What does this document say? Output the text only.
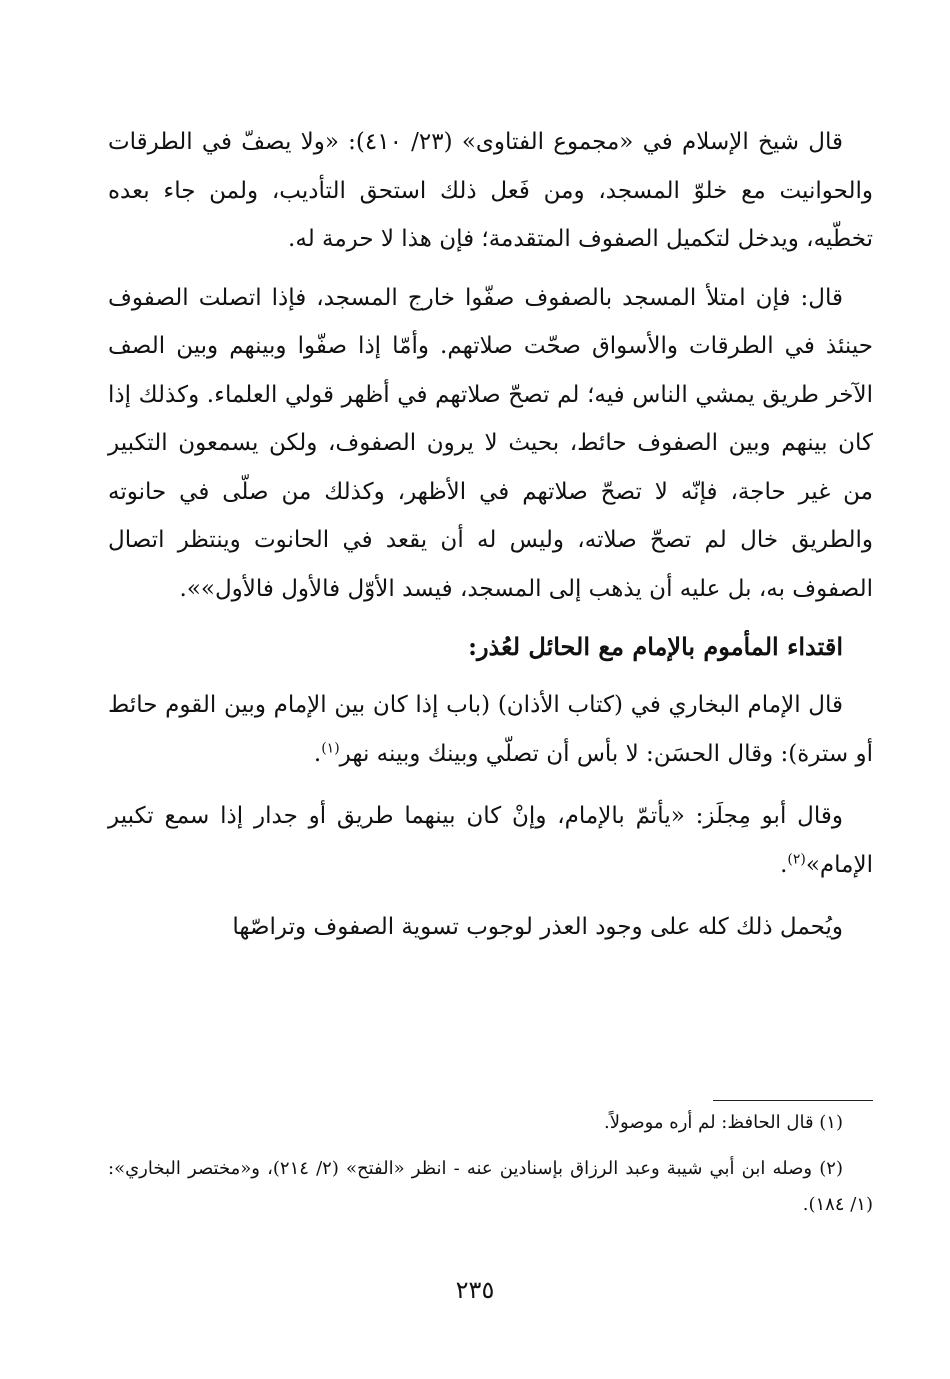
قال شيخ الإسلام في «مجموع الفتاوى» (٢٣/ ٤١٠): «ولا يصفّ في الطرقات والحوانيت مع خلوّ المسجد، ومن فَعل ذلك استحق التأديب، ولمن جاء بعده تخطّيه، ويدخل لتكميل الصفوف المتقدمة؛ فإن هذا لا حرمة له.

قال: فإن امتلأ المسجد بالصفوف صفّوا خارج المسجد، فإذا اتصلت الصفوف حينئذ في الطرقات والأسواق صحّت صلاتهم. وأمّا إذا صفّوا وبينهم وبين الصف الآخر طريق يمشي الناس فيه؛ لم تصحّ صلاتهم في أظهر قولي العلماء. وكذلك إذا كان بينهم وبين الصفوف حائط، بحيث لا يرون الصفوف، ولكن يسمعون التكبير من غير حاجة، فإنّه لا تصحّ صلاتهم في الأظهر، وكذلك من صلّى في حانوته والطريق خال لم تصحّ صلاته، وليس له أن يقعد في الحانوت وينتظر اتصال الصفوف به، بل عليه أن يذهب إلى المسجد، فيسد الأوّل فالأول فالأول»».

اقتداء المأموم بالإمام مع الحائل لعُذر:

قال الإمام البخاري في (كتاب الأذان) (باب إذا كان بين الإمام وبين القوم حائط أو سترة): وقال الحسَن: لا بأس أن تصلّي وبينك وبينه نهر$^{(١)}$.

وقال أبو مِجلَز: «يأتمّ بالإمام، وإنْ كان بينهما طريق أو جدار إذا سمع تكبير الإمام»$^{(٢)}$.

ويُحمل ذلك كله على وجود العذر لوجوب تسوية الصفوف وتراصّها

(١) قال الحافظ: لم أره موصولاً.

(٢) وصله ابن أبي شيبة وعبد الرزاق بإسنادين عنه - انظر «الفتح» (٢/ ٢١٤)، و«مختصر البخاري»: (١/ ١٨٤).

٢٣٥
